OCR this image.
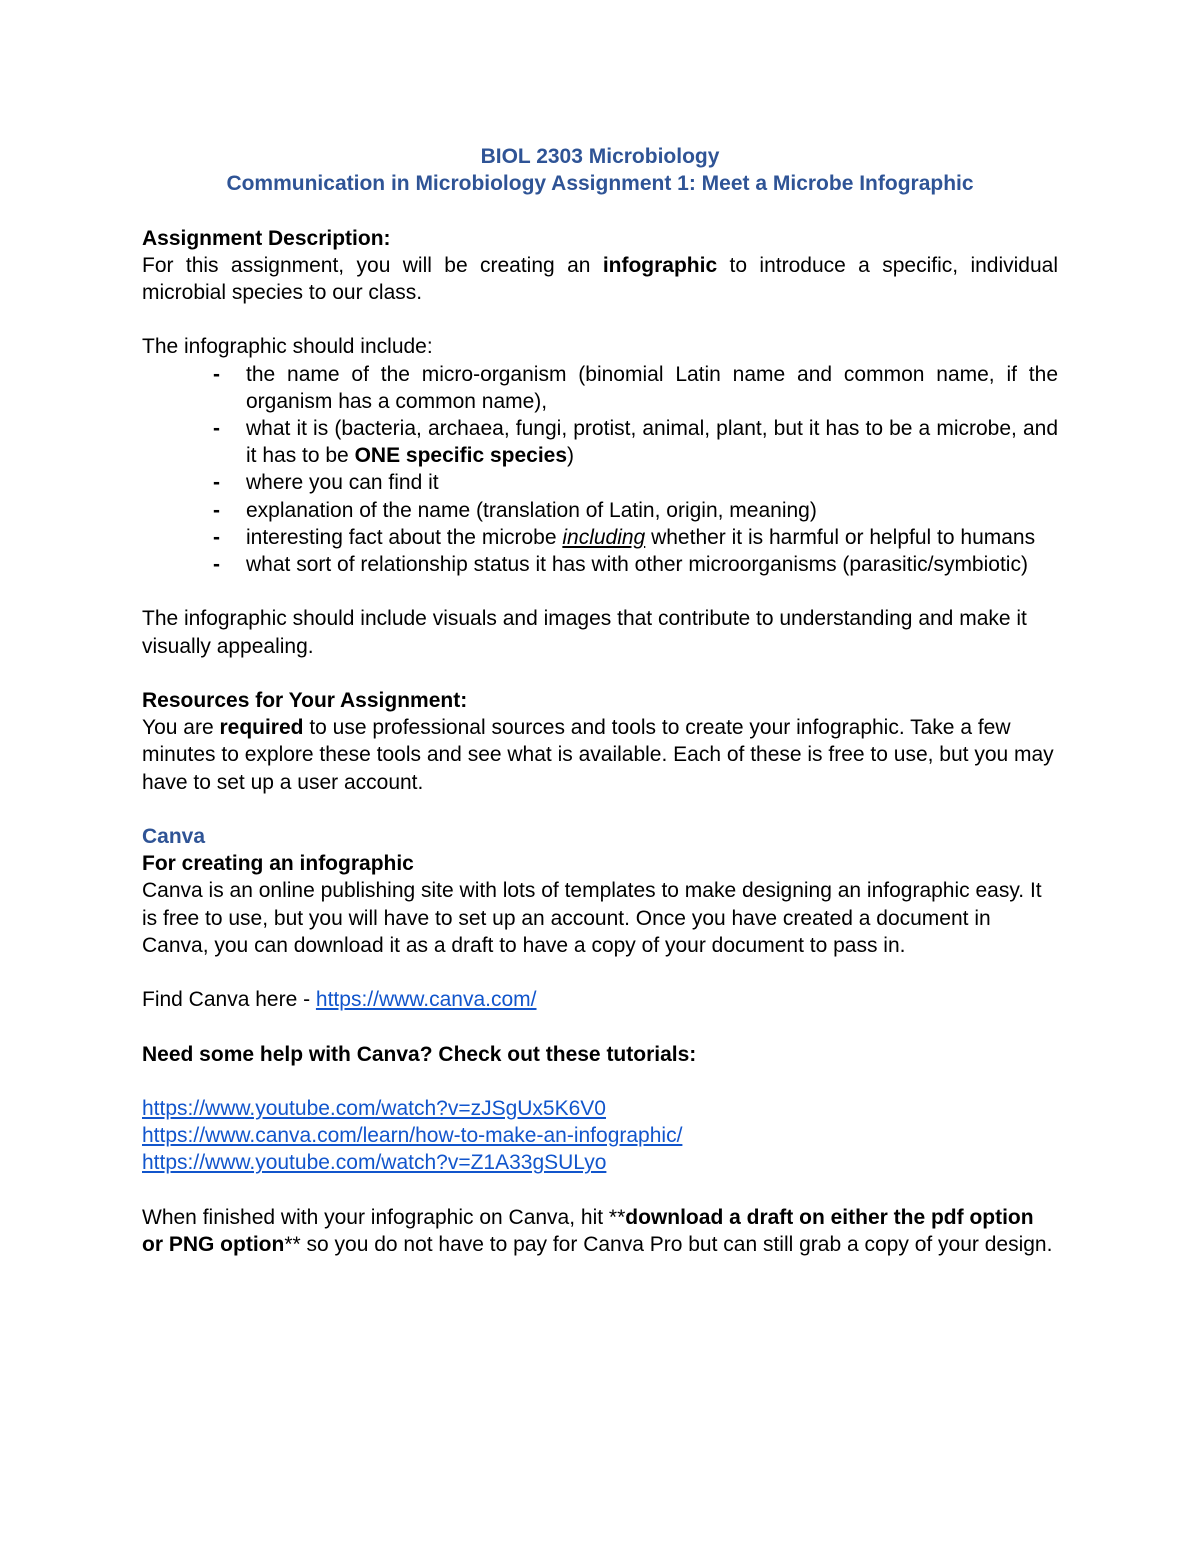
BIOL 2303 Microbiology
Communication in Microbiology Assignment 1: Meet a Microbe Infographic

Assignment Description:

For this assignment, you will be creating an infographic to introduce a specific, individual microbial species to our class.

The infographic should include:

- the name of the micro-organism (binomial Latin name and common name, if the organism has a common name),
- what it is (bacteria, archaea, fungi, protist, animal, plant, but it has to be a microbe, and it has to be ONE specific species)
- where you can find it
- explanation of the name (translation of Latin, origin, meaning)
- interesting fact about the microbe including whether it is harmful or helpful to humans
- what sort of relationship status it has with other microorganisms (parasitic/symbiotic)

The infographic should include visuals and images that contribute to understanding and make it visually appealing.

Resources for Your Assignment:

You are required to use professional sources and tools to create your infographic. Take a few minutes to explore these tools and see what is available. Each of these is free to use, but you may have to set up a user account.

Canva

For creating an infographic

Canva is an online publishing site with lots of templates to make designing an infographic easy. It is free to use, but you will have to set up an account. Once you have created a document in Canva, you can download it as a draft to have a copy of your document to pass in.

Find Canva here - https://www.canva.com/

Need some help with Canva? Check out these tutorials:

https://www.youtube.com/watch?v=zJSgUx5K6V0

https://www.canva.com/learn/how-to-make-an-infographic/

https://www.youtube.com/watch?v=Z1A33gSULyo

When finished with your infographic on Canva, hit **download a draft on either the pdf option or PNG option** so you do not have to pay for Canva Pro but can still grab a copy of your design.
